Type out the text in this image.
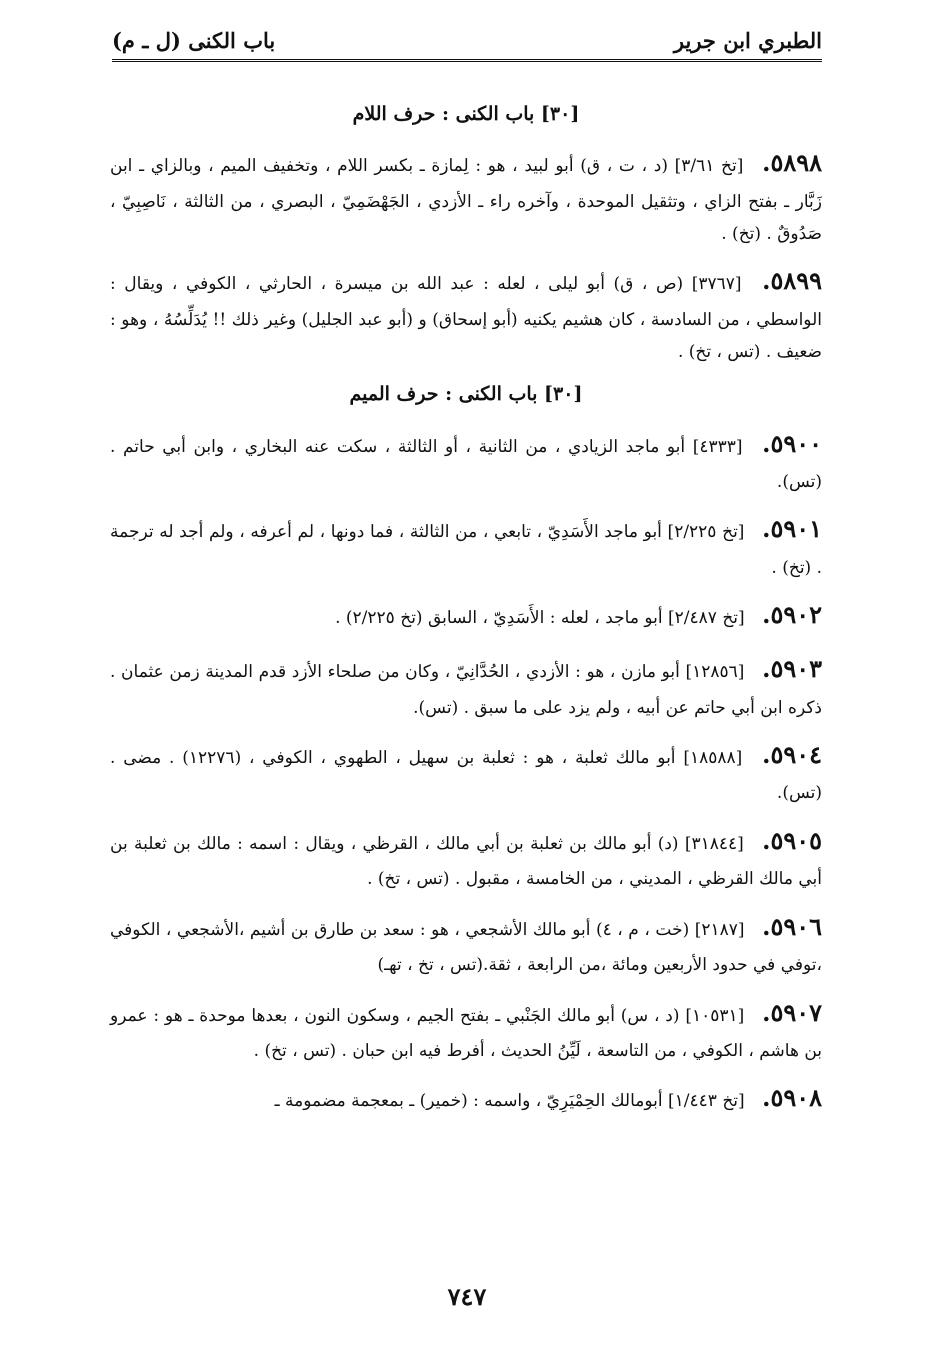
الطبري ابن جرير
باب الكنى (ل ـ م)
[٣٠] باب الكنى : حرف اللام

٥٨٩٨. [تخ ٣/٦١] (د ، ت ، ق) أبو لبيد ، هو : لِمازة ـ بكسر اللام ، وتخفيف الميم ، وبالزاي ـ ابن زَبَّار ـ بفتح الزاي ، وتثقيل الموحدة ، وآخره راء ـ الأزدي ، الجَهْضَمِيّ ، البصري ، من الثالثة ، نَاصِبِيّ ، صَدُوقٌ . (تخ) .

٥٨٩٩. [٣٧٦٧] (ص ، ق) أبو ليلى ، لعله : عبد الله بن ميسرة ، الحارثي ، الكوفي ، ويقال : الواسطي ، من السادسة ، كان هشيم يكنيه (أبو إسحاق) و (أبو عبد الجليل) وغير ذلك !! يُدَلِّسُهُ ، وهو : ضعيف . (تس ، تخ) .

[٣٠] باب الكنى : حرف الميم

٥٩٠٠. [٤٣٣٣] أبو ماجد الزيادي ، من الثانية ، أو الثالثة ، سكت عنه البخاري ، وابن أبي حاتم . (تس).

٥٩٠١. [تخ ٢/٢٢٥] أبو ماجد الأَسَدِيّ ، تابعي ، من الثالثة ، فما دونها ، لم أعرفه ، ولم أجد له ترجمة . (تخ) .

٥٩٠٢. [تخ ٢/٤٨٧] أبو ماجد ، لعله : الأَسَدِيّ ، السابق (تخ ٢/٢٢٥) .

٥٩٠٣. [١٢٨٥٦] أبو مازن ، هو : الأزدي ، الحُدَّانِيّ ، وكان من صلحاء الأزد قدم المدينة زمن عثمان . ذكره ابن أبي حاتم عن أبيه ، ولم يزد على ما سبق . (تس).

٥٩٠٤. [١٨٥٨٨] أبو مالك ثعلبة ، هو : ثعلبة بن سهيل ، الطهوي ، الكوفي ، (١٢٢٧٦) . مضى . (تس).

٥٩٠٥. [٣١٨٤٤] (د) أبو مالك بن ثعلبة بن أبي مالك ، القرظي ، ويقال : اسمه : مالك بن ثعلبة بن أبي مالك القرظي ، المديني ، من الخامسة ، مقبول . (تس ، تخ) .

٥٩٠٦. [٢١٨٧] (خت ، م ، ٤) أبو مالك الأشجعي ، هو : سعد بن طارق بن أشيم ،الأشجعي ، الكوفي ،توفي في حدود الأربعين ومائة ،من الرابعة ، ثقة.(تس ، تخ ، تهـ)

٥٩٠٧. [١٠٥٣١] (د ، س) أبو مالك الجَنْبي ـ بفتح الجيم ، وسكون النون ، بعدها موحدة ـ هو : عمرو بن هاشم ، الكوفي ، من التاسعة ، لَيِّنُ الحديث ، أفرط فيه ابن حبان . (تس ، تخ) .

٥٩٠٨. [تخ ١/٤٤٣] أبومالك الحِمْيَرِيّ ، واسمه : (خمير) ـ بمعجمة مضمومة ـ

٧٤٧
